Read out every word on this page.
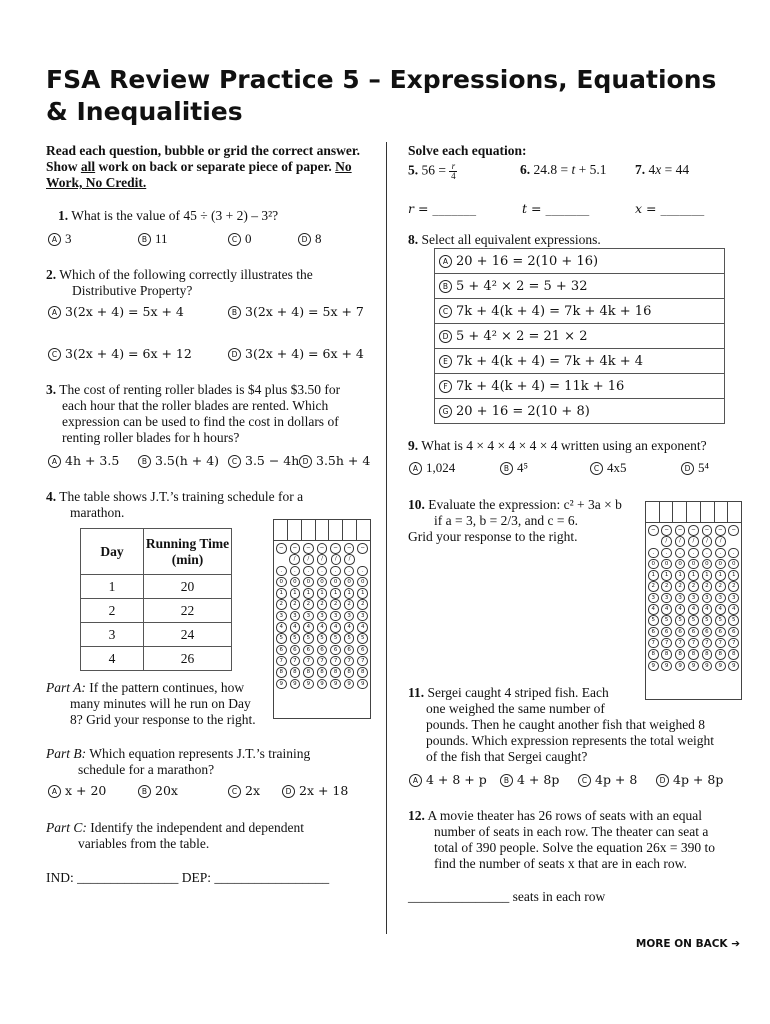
FSA Review Practice 5 – Expressions, Equations & Inequalities
Read each question, bubble or grid the correct answer. Show all work on back or separate piece of paper. No Work, No Credit.
1. What is the value of 45 ÷ (3 + 2) – 3²?
A 3	B 11	C 0	D 8
2. Which of the following correctly illustrates the
Distributive Property?
A 3(2x + 4) = 5x + 4	B 3(2x + 4) = 5x + 7
C 3(2x + 4) = 6x + 12	D 3(2x + 4) = 6x + 4
3. The cost of renting roller blades is $4 plus $3.50 for
each hour that the roller blades are rented. Which
expression can be used to find the cost in dollars of
renting roller blades for h hours?
A 4h + 3.5	B 3.5(h + 4)	C 3.5 − 4h D 3.5h + 4
4. The table shows J.T.’s training schedule for a
marathon.
Day	Running Time (min)
1	20
2	22
3	24
4	26
−	−	−	−	−	−	−
/	/	/	/	/
.	.	.	.	.	.	.
0	0	0	0	0	0	0
1	1	1	1	1	1	1
2	2	2	2	2	2	2
3	3	3	3	3	3	3
4	4	4	4	4	4	4
5	5	5	5	5	5	5
6	6	6	6	6	6	6
7	7	7	7	7	7	7
8	8	8	8	8	8	8
9	9	9	9	9	9	9
Part A: If the pattern continues, how
many minutes will he run on Day
8? Grid your response to the right.
Part B: Which equation represents J.T.’s training
schedule for a marathon?
A x + 20	B 20x	C 2x	D 2x + 18
Part C: Identify the independent and dependent
variables from the table.
IND: _______________ DEP: _________________
Solve each equation:
5. $56 = \frac{r}{4}$	6. 24.8 = t + 5.1 7. 4x = 44
r = _______	t = _______	x = _______
8. Select all equivalent expressions.
A 20 + 16 = 2(10 + 16)
B 5 + 4² × 2 = 5 + 32
C 7k + 4(k + 4) = 7k + 4k + 16
D 5 + 4² × 2 = 21 × 2
E 7k + 4(k + 4) = 7k + 4k + 4
F 7k + 4(k + 4) = 11k + 16
G 20 + 16 = 2(10 + 8)
9. What is 4 × 4 × 4 × 4 × 4 written using an exponent?
A 1,024	B 4⁵	C 4x5	D 5⁴
10. Evaluate the expression: c² + 3a × b
if a = 3, b = 2/3, and c = 6.
Grid your response to the right.	−	−	−	−	−	−	−
/	/	/	/	/
.	.	.	.	.	.	.
0	0	0	0	0	0	0
1	1	1	1	1	1	1
2	2	2	2	2	2	2
3	3	3	3	3	3	3
4	4	4	4	4	4	4
5	5	5	5	5	5	5
6	6	6	6	6	6	6
7	7	7	7	7	7	7
8	8	8	8	8	8	8
9	9	9	9	9	9	9
11. Sergei caught 4 striped fish. Each
one weighed the same number of
pounds. Then he caught another fish that weighed 8
pounds. Which expression represents the total weight
of the fish that Sergei caught?
A 4 + 8 + p	B 4 + 8p	C 4p + 8	D 4p + 8p
12. A movie theater has 26 rows of seats with an equal
number of seats in each row. The theater can seat a
total of 390 people. Solve the equation 26x = 390 to
find the number of seats x that are in each row.
_______________ seats in each row
MORE ON BACK ➔
